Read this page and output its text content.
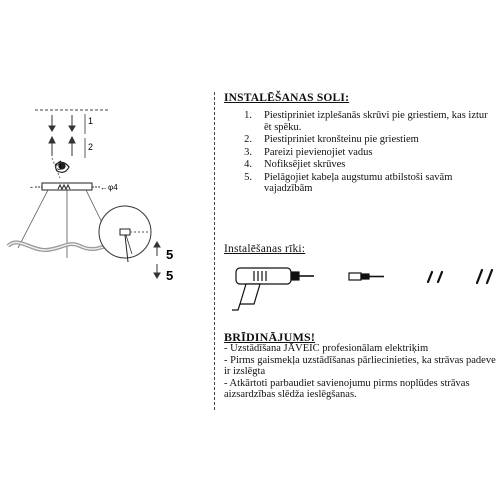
1
2
3
-	←φ4
5
5
INSTALĒŠANAS SOLI:
1.	Piestipriniet izplešanās skrūvi pie griestiem, kas iztur ēt spēku.
2.	Piestipriniet kronšteinu pie griestiem
3.	Pareizi pievienojiet vadus
4.	Nofiksējiet skrūves
5.	Pielāgojiet kabeļa augstumu atbilstoši savām vajadzībām
Instalēšanas rīki:
BRĪDINĀJUMS!
- Uzstādīšana JĀVEIC profesionālam elektriķim
- Pirms gaismekļa uzstādīšanas pārliecinieties, ka strāvas padeve ir izslēgta
- Atkārtoti parbaudiet savienojumu pirms noplūdes strāvas aizsardzības slēdža ieslēgšanas.
